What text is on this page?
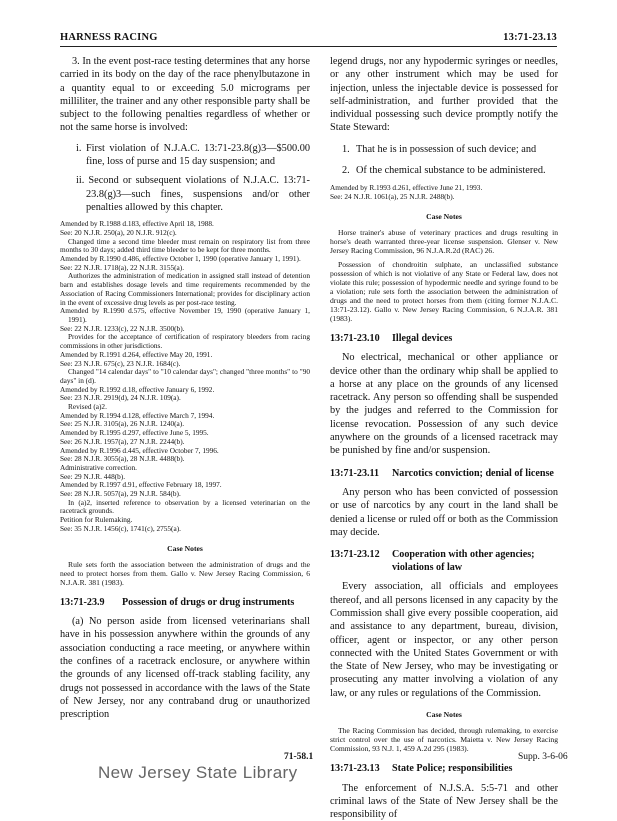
HARNESS RACING	13:71-23.13

3. In the event post-race testing determines that any horse carried in its body on the day of the race phenylbutazone in a quantity equal to or exceeding 5.0 micrograms per milliliter, the trainer and any other responsible party shall be subject to the following penalties regardless of whether or not the same horse is involved:

i. First violation of N.J.A.C. 13:71-23.8(g)3—$500.00 fine, loss of purse and 15 day suspension; and

ii. Second or subsequent violations of N.J.A.C. 13:71-23.8(g)3—such fines, suspensions and/or other penalties allowed by this chapter.

Amended by R.1988 d.183, effective April 18, 1988.

See: 20 N.J.R. 250(a), 20 N.J.R. 912(c).

Changed time a second time bleeder must remain on respiratory list from three months to 30 days; added third time bleeder to be kept for three months.

Amended by R.1990 d.486, effective October 1, 1990 (operative January 1, 1991).

See: 22 N.J.R. 1718(a), 22 N.J.R. 3155(a).

Authorizes the administration of medication in assigned stall instead of detention barn and establishes dosage levels and time requirements recommended by the Association of Racing Commissioners International; provides for disciplinary action in the event of excessive drug levels as per post-race testing.

Amended by R.1990 d.575, effective November 19, 1990 (operative January 1, 1991).

See: 22 N.J.R. 1233(c), 22 N.J.R. 3500(b).

Provides for the acceptance of certification of respiratory bleeders from racing commissions in other jurisdictions.

Amended by R.1991 d.264, effective May 20, 1991.

See: 23 N.J.R. 675(c), 23 N.J.R. 1684(c).

Changed "14 calendar days" to "10 calendar days"; changed "three months" to "90 days" in (d).

Amended by R.1992 d.18, effective January 6, 1992.

See: 23 N.J.R. 2919(d), 24 N.J.R. 109(a).

Revised (a)2.

Amended by R.1994 d.128, effective March 7, 1994.

See: 25 N.J.R. 3105(a), 26 N.J.R. 1240(a).

Amended by R.1995 d.297, effective June 5, 1995.

See: 26 N.J.R. 1957(a), 27 N.J.R. 2244(b).

Amended by R.1996 d.445, effective October 7, 1996.

See: 28 N.J.R. 3055(a), 28 N.J.R. 4488(b).

Administrative correction.

See: 29 N.J.R. 448(b).

Amended by R.1997 d.91, effective February 18, 1997.

See: 28 N.J.R. 5057(a), 29 N.J.R. 584(b).

In (a)2, inserted reference to observation by a licensed veterinarian on the racetrack grounds.

Petition for Rulemaking.

See: 35 N.J.R. 1456(c), 1741(c), 2755(a).

Case Notes

Rule sets forth the association between the administration of drugs and the need to protect horses from them. Gallo v. New Jersey Racing Commission, 6 N.J.A.R. 381 (1983).

13:71-23.9 Possession of drugs or drug instruments

(a) No person aside from licensed veterinarians shall have in his possession anywhere within the grounds of any association conducting a race meeting, or anywhere within the confines of a racetrack enclosure, or anywhere within the grounds of any licensed off-track stabling facility, any drugs not possessed in accordance with the laws of the State of New Jersey, nor any contraband drug or unauthorized prescription

legend drugs, nor any hypodermic syringes or needles, or any other instrument which may be used for injection, unless the injectable device is possessed for self-administration, and further provided that the individual possessing such device promptly notify the State Steward:

1. That he is in possession of such device; and

2. Of the chemical substance to be administered.

Amended by R.1993 d.261, effective June 21, 1993.

See: 24 N.J.R. 1061(a), 25 N.J.R. 2488(b).

Case Notes

Horse trainer's abuse of veterinary practices and drugs resulting in horse's death warranted three-year license suspension. Glenser v. New Jersey Racing Commission, 96 N.J.A.R.2d (RAC) 26.

Possession of chondroitin sulphate, an unclassified substance possession of which is not violative of any State or Federal law, does not violate this rule; possession of hypodermic needle and syringe found to be a violation; rule sets forth the association between the administration of drugs and the need to protect horses from them (citing former N.J.A.C. 13:71-23.12). Gallo v. New Jersey Racing Commission, 6 N.J.A.R. 381 (1983).

13:71-23.10 Illegal devices

No electrical, mechanical or other appliance or device other than the ordinary whip shall be applied to a horse at any place on the grounds of any licensed racetrack. Any person so offending shall be suspended by the judges and referred to the Commission for license revocation. Possession of any such device anywhere on the grounds of a licensed racetrack may be punished by fine and/or suspension.

13:71-23.11 Narcotics conviction; denial of license

Any person who has been convicted of possession or use of narcotics by any court in the land shall be denied a license or ruled off or both as the Commission may decide.

13:71-23.12 Cooperation with other agencies;
violations of law

Every association, all officials and employees thereof, and all persons licensed in any capacity by the Commission shall give every possible cooperation, aid and assistance to any department, bureau, division, officer, agent or inspector, or any other person connected with the United States Government or with the State of New Jersey, who may be investigating or prosecuting any matter involving a violation of any law, or any rules or regulations of the Commission.

Case Notes

The Racing Commission has decided, through rulemaking, to exercise strict control over the use of narcotics. Maietta v. New Jersey Racing Commission, 93 N.J. 1, 459 A.2d 295 (1983).

13:71-23.13 State Police; responsibilities

The enforcement of N.J.S.A. 5:5-71 and other criminal laws of the State of New Jersey shall be the responsibility of

71-58.1	Supp. 3-6-06
New Jersey State Library
